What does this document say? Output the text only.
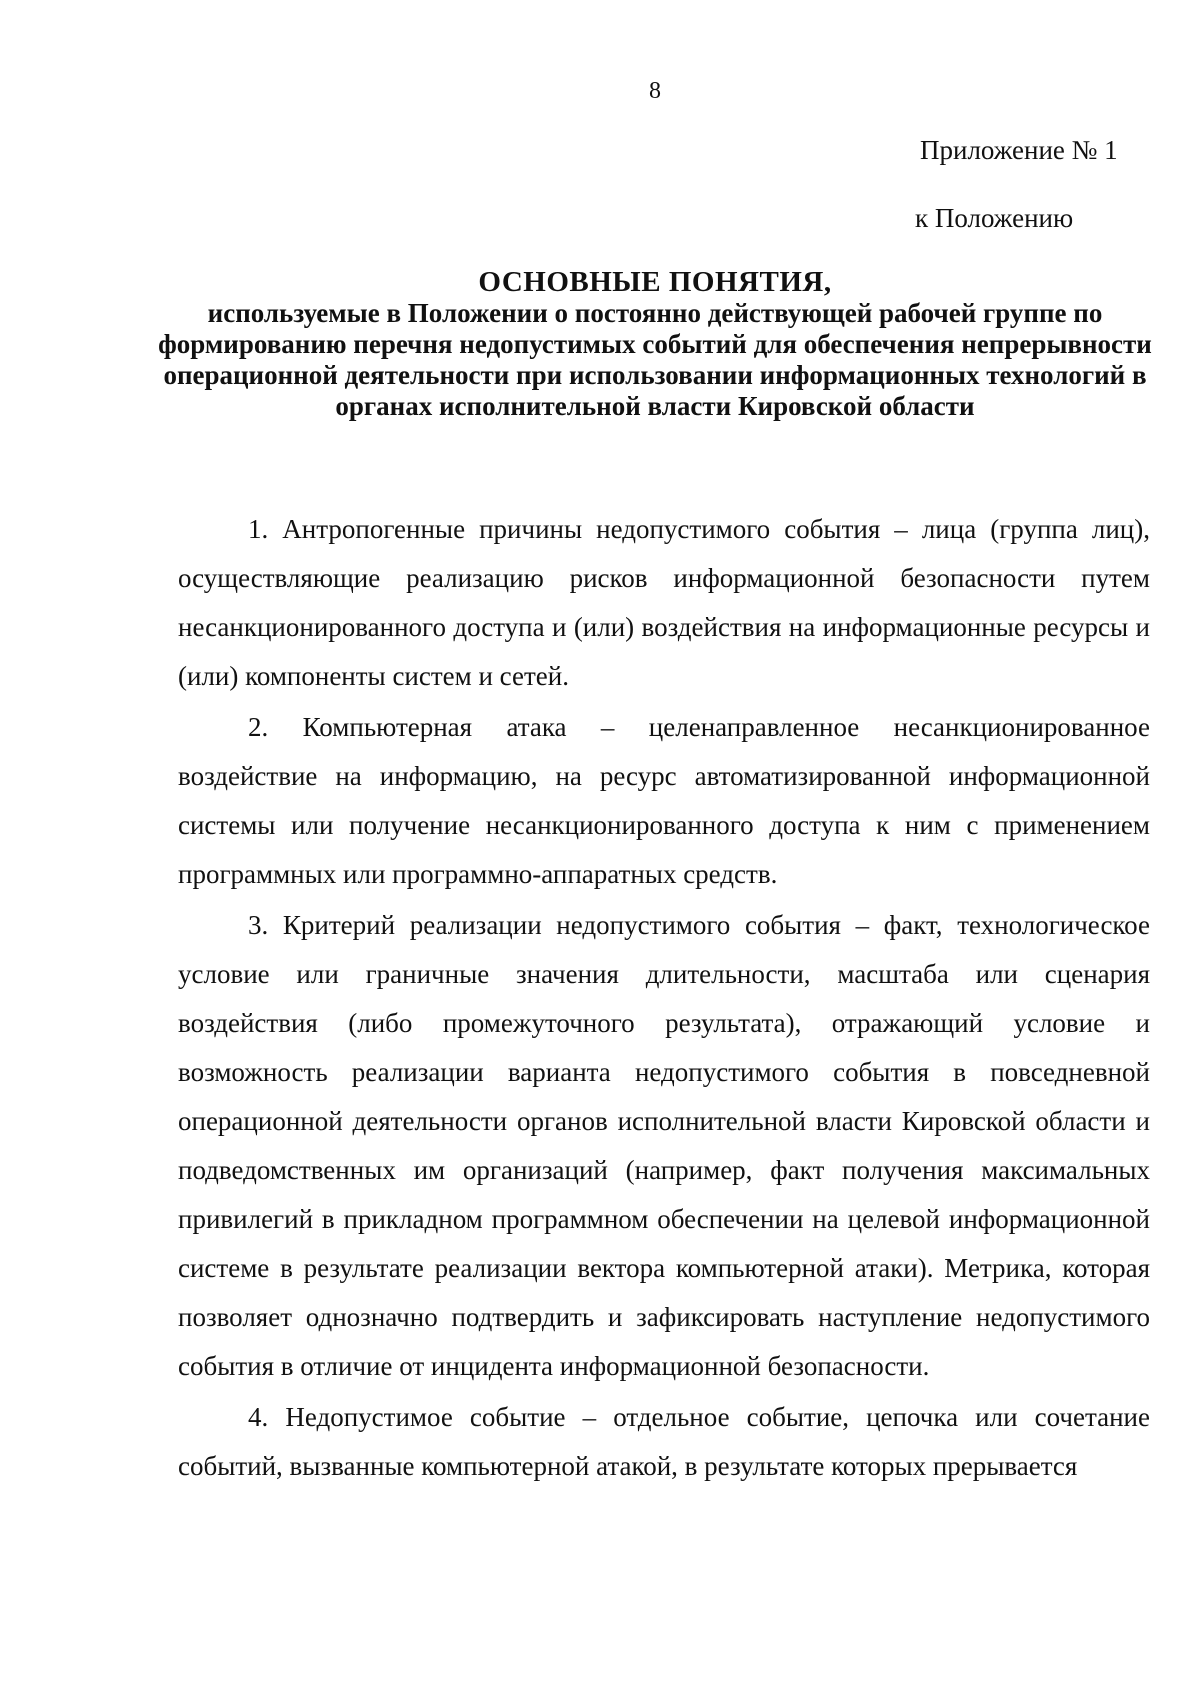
8
Приложение № 1
к Положению
ОСНОВНЫЕ ПОНЯТИЯ,
используемые в Положении о постоянно действующей рабочей группе по формированию перечня недопустимых событий для обеспечения непрерывности операционной деятельности при использовании информационных технологий в органах исполнительной власти Кировской области

1. Антропогенные причины недопустимого события – лица (группа лиц), осуществляющие реализацию рисков информационной безопасности путем несанкционированного доступа и (или) воздействия на информационные ресурсы и (или) компоненты систем и сетей.

2. Компьютерная атака – целенаправленное несанкционированное воздействие на информацию, на ресурс автоматизированной информационной системы или получение несанкционированного доступа к ним с применением программных или программно-аппаратных средств.

3. Критерий реализации недопустимого события – факт, технологическое условие или граничные значения длительности, масштаба или сценария воздействия (либо промежуточного результата), отражающий условие и возможность реализации варианта недопустимого события в повседневной операционной деятельности органов исполнительной власти Кировской области и подведомственных им организаций (например, факт получения максимальных привилегий в прикладном программном обеспечении на целевой информационной системе в результате реализации вектора компьютерной атаки). Метрика, которая позволяет однозначно подтвердить и зафиксировать наступление недопустимого события в отличие от инцидента информационной безопасности.

4. Недопустимое событие – отдельное событие, цепочка или сочетание событий, вызванные компьютерной атакой, в результате которых прерывается
